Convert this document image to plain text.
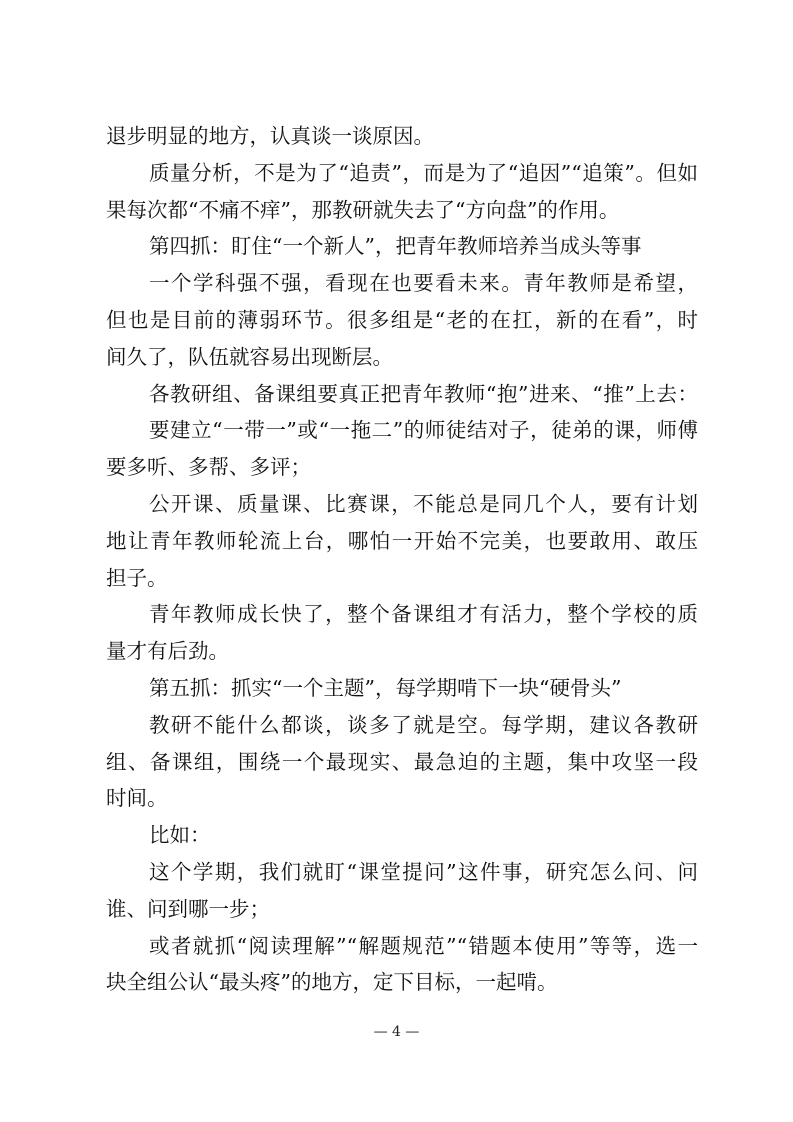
退步明显的地方，认真谈一谈原因。
质量分析，不是为了“追责”，而是为了“追因”“追策”。但如
果每次都“不痛不痒”，那教研就失去了“方向盘”的作用。
第四抓：盯住“一个新人”，把青年教师培养当成头等事
一个学科强不强，看现在也要看未来。青年教师是希望，
但也是目前的薄弱环节。很多组是“老的在扛，新的在看”，时
间久了，队伍就容易出现断层。
各教研组、备课组要真正把青年教师“抱”进来、“推”上去：
要建立“一带一”或“一拖二”的师徒结对子，徒弟的课，师傅
要多听、多帮、多评；
公开课、质量课、比赛课，不能总是同几个人，要有计划
地让青年教师轮流上台，哪怕一开始不完美，也要敢用、敢压
担子。
青年教师成长快了，整个备课组才有活力，整个学校的质
量才有后劲。
第五抓：抓实“一个主题”，每学期啃下一块“硬骨头”
教研不能什么都谈，谈多了就是空。每学期，建议各教研
组、备课组，围绕一个最现实、最急迫的主题，集中攻坚一段
时间。
比如：
这个学期，我们就盯“课堂提问”这件事，研究怎么问、问
谁、问到哪一步；
或者就抓“阅读理解”“解题规范”“错题本使用”等等，选一
块全组公认“最头疼”的地方，定下目标，一起啃。
— 4 —
